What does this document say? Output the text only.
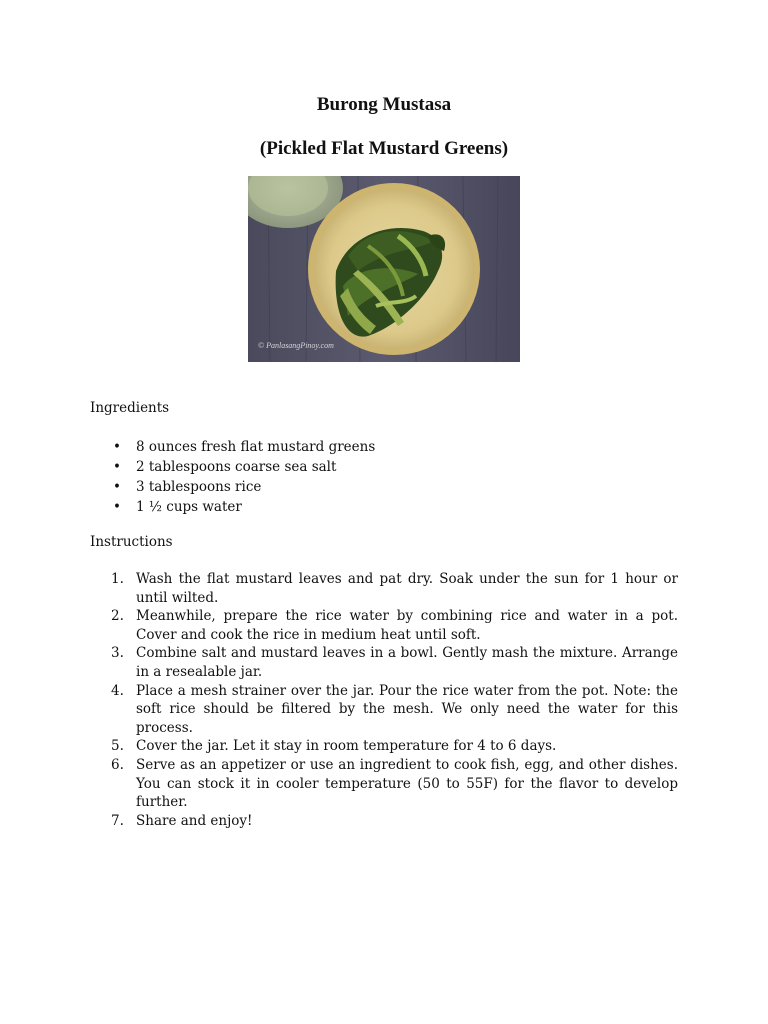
Burong Mustasa
(Pickled Flat Mustard Greens)
© PanlasangPinoy.com

Ingredients

• 8 ounces fresh flat mustard greens
• 2 tablespoons coarse sea salt
• 3 tablespoons rice
• 1 ½ cups water

Instructions

1. Wash the flat mustard leaves and pat dry. Soak under the sun for 1 hour or until wilted.
2. Meanwhile, prepare the rice water by combining rice and water in a pot. Cover and cook the rice in medium heat until soft.
3. Combine salt and mustard leaves in a bowl. Gently mash the mixture. Arrange in a resealable jar.
4. Place a mesh strainer over the jar. Pour the rice water from the pot. Note: the soft rice should be filtered by the mesh. We only need the water for this process.
5. Cover the jar. Let it stay in room temperature for 4 to 6 days.
6. Serve as an appetizer or use an ingredient to cook fish, egg, and other dishes. You can stock it in cooler temperature (50 to 55F) for the flavor to develop further.
7. Share and enjoy!
